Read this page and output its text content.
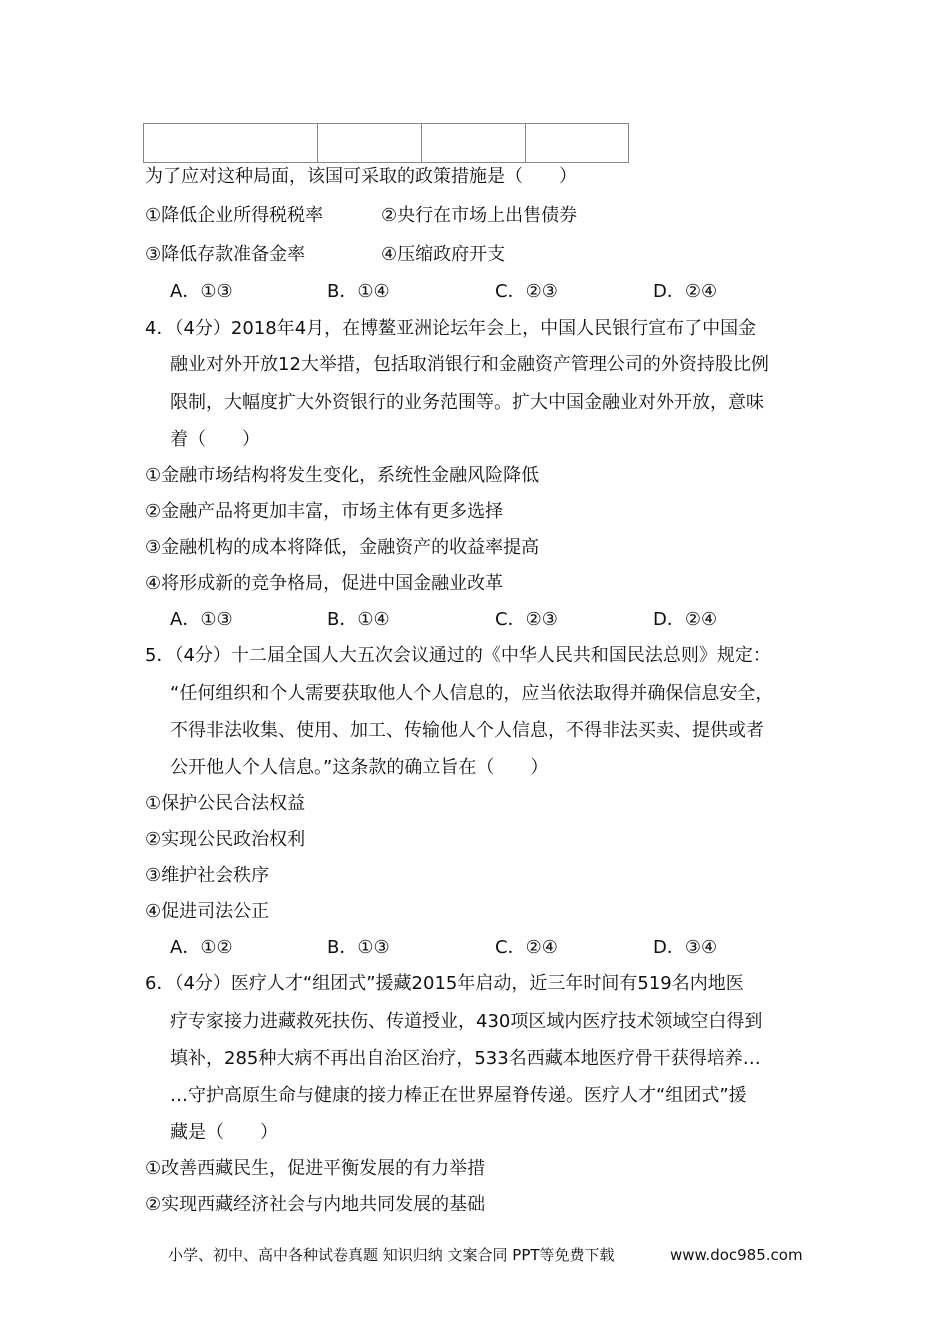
为了应对这种局面，该国可采取的政策措施是（　　）
①降低企业所得税税率	②央行在市场上出售债券
③降低存款准备金率	④压缩政府开支
A．①③	B．①④	C．②③	D．②④
4．（4分）2018年4月，在博鳌亚洲论坛年会上，中国人民银行宣布了中国金
融业对外开放12大举措，包括取消银行和金融资产管理公司的外资持股比例
限制，大幅度扩大外资银行的业务范围等。扩大中国金融业对外开放，意味
着（　　）
①金融市场结构将发生变化，系统性金融风险降低
②金融产品将更加丰富，市场主体有更多选择
③金融机构的成本将降低，金融资产的收益率提高
④将形成新的竞争格局，促进中国金融业改革
A．①③	B．①④	C．②③	D．②④
5．（4分）十二届全国人大五次会议通过的《中华人民共和国民法总则》规定：
“任何组织和个人需要获取他人个人信息的，应当依法取得并确保信息安全，
不得非法收集、使用、加工、传输他人个人信息，不得非法买卖、提供或者
公开他人个人信息。”这条款的确立旨在（　　）
①保护公民合法权益
②实现公民政治权利
③维护社会秩序
④促进司法公正
A．①②	B．①③	C．②④	D．③④
6．（4分）医疗人才“组团式”援藏2015年启动，近三年时间有519名内地医
疗专家接力进藏救死扶伤、传道授业，430项区域内医疗技术领域空白得到
填补，285种大病不再出自治区治疗，533名西藏本地医疗骨干获得培养…
…守护高原生命与健康的接力棒正在世界屋脊传递。医疗人才“组团式”援
藏是（　　）
①改善西藏民生，促进平衡发展的有力举措
②实现西藏经济社会与内地共同发展的基础
小学、初中、高中各种试卷真题 知识归纳 文案合同 PPT等免费下载	www.doc985.com
